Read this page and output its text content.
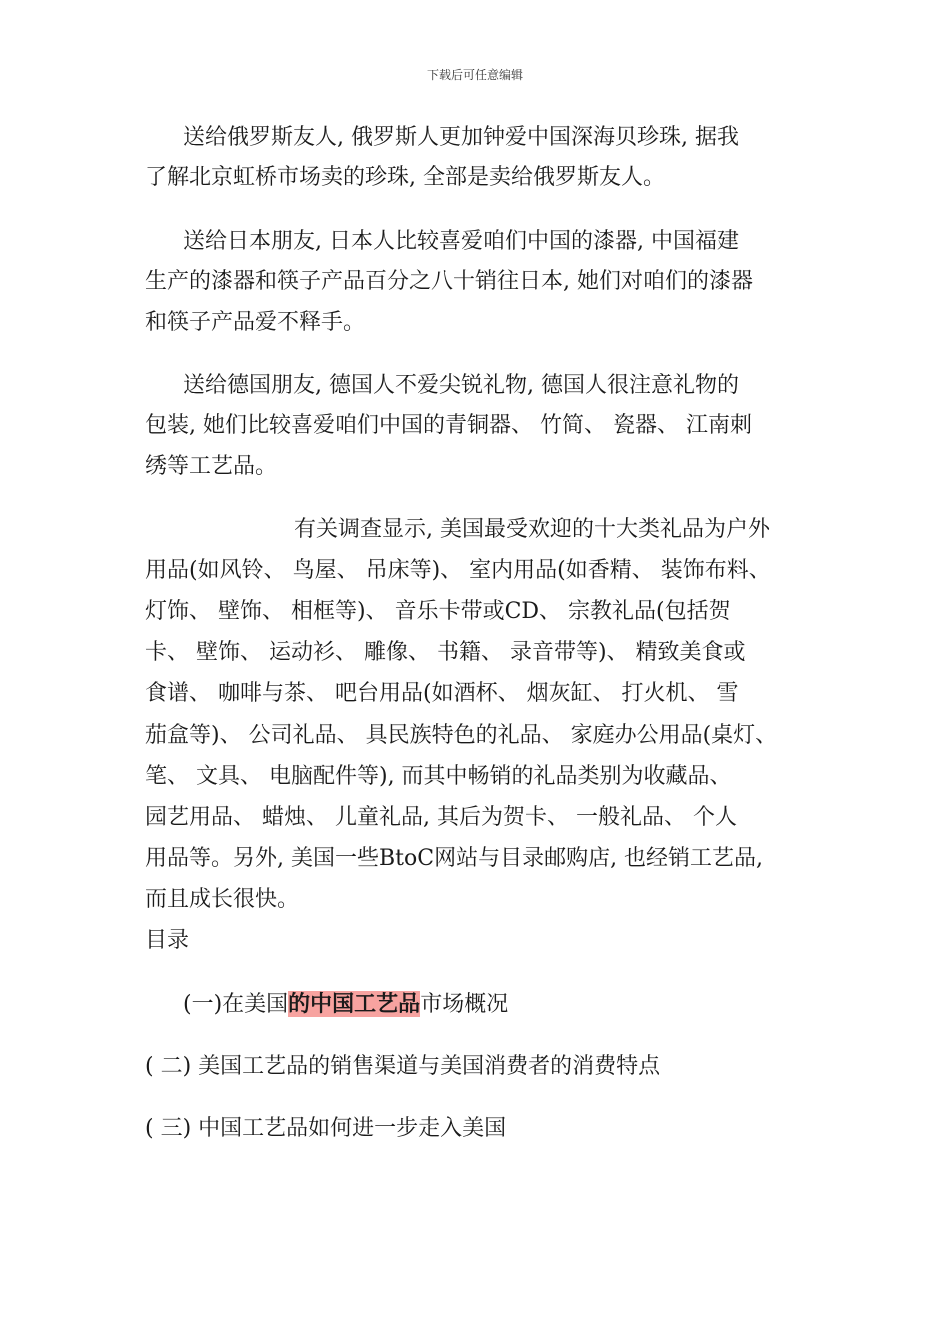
下载后可任意编辑
送给俄罗斯友人, 俄罗斯人更加钟爱中国深海贝珍珠, 据我
了解北京虹桥市场卖的珍珠, 全部是卖给俄罗斯友人。
送给日本朋友, 日本人比较喜爱咱们中国的漆器, 中国福建
生产的漆器和筷子产品百分之八十销往日本, 她们对咱们的漆器
和筷子产品爱不释手。
送给德国朋友, 德国人不爱尖锐礼物, 德国人很注意礼物的
包装, 她们比较喜爱咱们中国的青铜器、 竹简、 瓷器、 江南刺
绣等工艺品。
有关调查显示, 美国最受欢迎的十大类礼品为户外
用品(如风铃、 鸟屋、 吊床等)、 室内用品(如香精、 装饰布料、
灯饰、 壁饰、 相框等)、 音乐卡带或CD、 宗教礼品(包括贺
卡、 壁饰、 运动衫、 雕像、 书籍、 录音带等)、 精致美食或
食谱、 咖啡与茶、 吧台用品(如酒杯、 烟灰缸、 打火机、 雪
茄盒等)、 公司礼品、 具民族特色的礼品、 家庭办公用品(桌灯、
笔、 文具、 电脑配件等), 而其中畅销的礼品类别为收藏品、
园艺用品、 蜡烛、 儿童礼品, 其后为贺卡、 一般礼品、 个人
用品等。另外, 美国一些BtoC网站与目录邮购店, 也经销工艺品,
而且成长很快。
目录
(一)在美国的中国工艺品市场概况
( 二) 美国工艺品的销售渠道与美国消费者的消费特点
( 三) 中国工艺品如何进一步走入美国
